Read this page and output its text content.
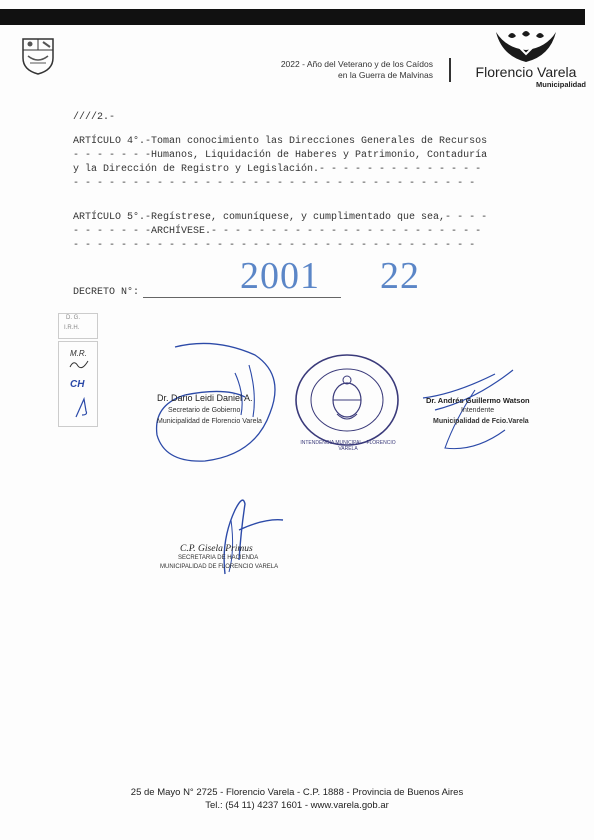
2022 - Año del Veterano y de los Caídos
en la Guerra de Malvinas	Florencio Varela
Municipalidad
////2.-
ARTÍCULO 4°.-Toman conocimiento las Direcciones Generales de Recursos
- - - - - - -Humanos, Liquidación de Haberes y Patrimonio, Contaduría
y la Dirección de Registro y Legislación.- - - - - - - - - - - - - -
- - - - - - - - - - - - - - - - - - - - - - - - - - - - - - - - - -
ARTÍCULO 5°.-Regístrese, comuníquese, y cumplimentado que sea,- - - -
- - - - - - -ARCHÍVESE.- - - - - - - - - - - - - - - - - - - - - - -
- - - - - - - - - - - - - - - - - - - - - - - - - - - - - - - - - -
2001 22
DECRETO N°:
D. G.
I.R.H.
M.R.
CH
Dr. Dario Leidi Daniel A.
Secretario de Gobierno
Municipalidad de Florencio Varela
INTENDENCIA MUNICIPAL · FLORENCIO VARELA
Dr. Andrés Guillermo Watson
Intendente
Municipalidad de Fcio.Varela
C.P. Gisela Primus
SECRETARIA DE HACIENDA
MUNICIPALIDAD DE FLORENCIO VARELA
25 de Mayo N° 2725 - Florencio Varela - C.P. 1888 - Provincia de Buenos Aires
Tel.: (54 11) 4237 1601 - www.varela.gob.ar
